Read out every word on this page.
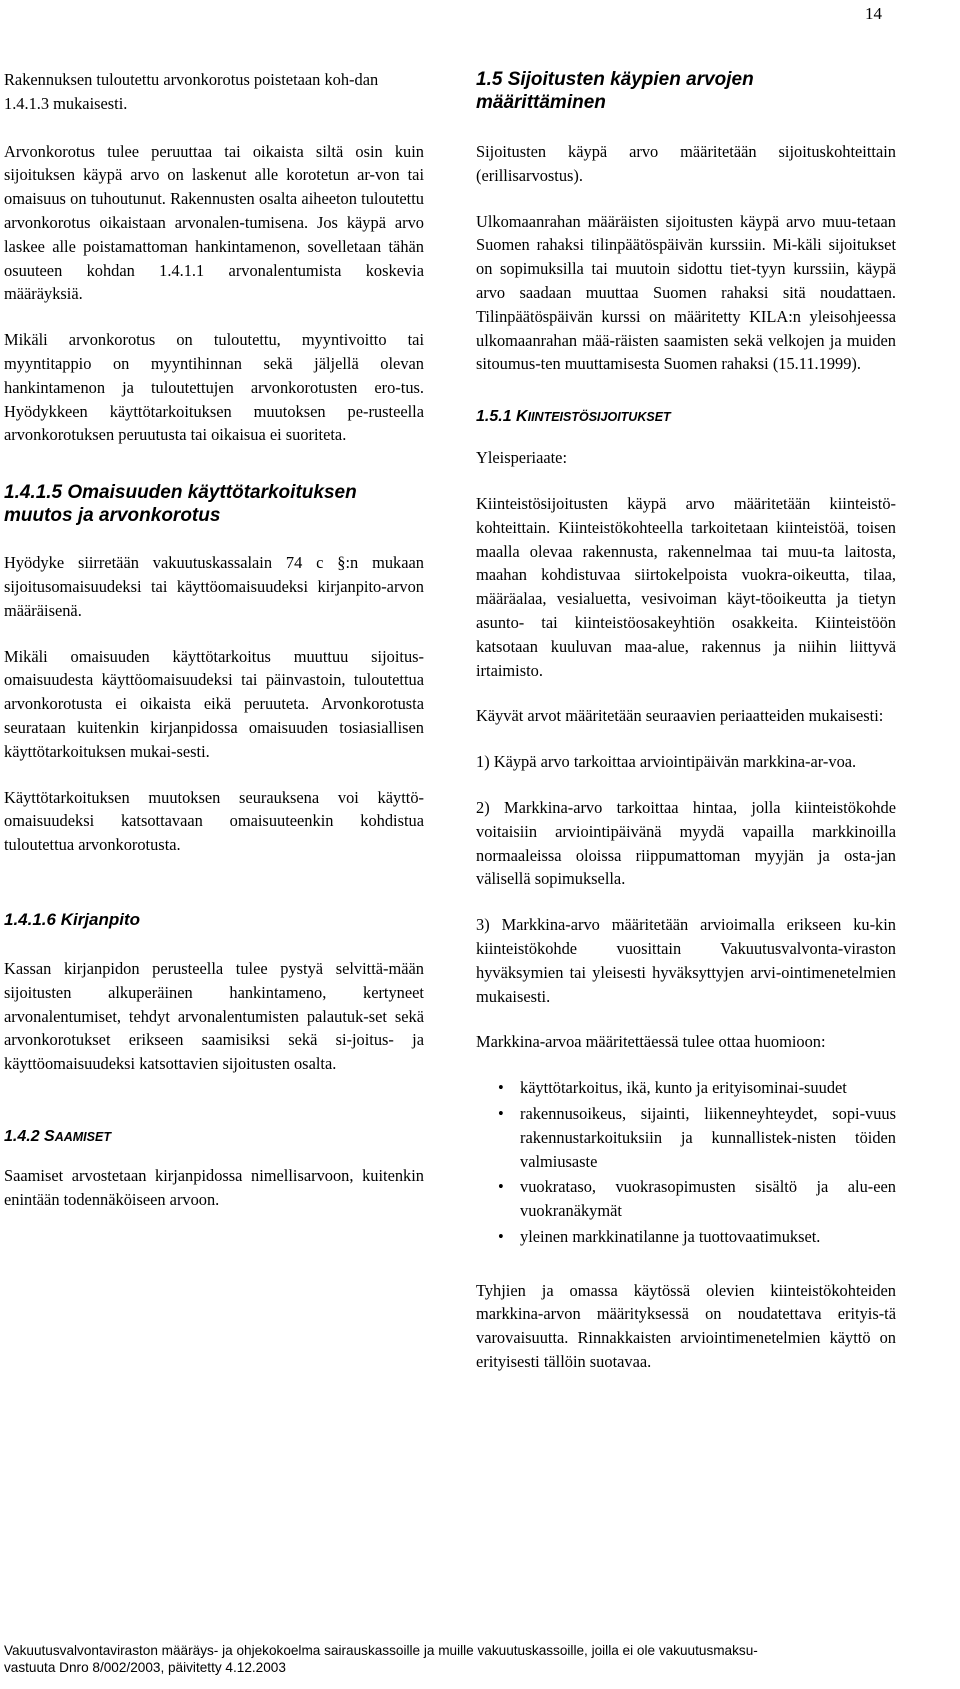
14

Rakennuksen tuloutettu arvonkorotus poistetaan koh-dan 1.4.1.3 mukaisesti.

Arvonkorotus tulee peruuttaa tai oikaista siltä osin kuin sijoituksen käypä arvo on laskenut alle korotetun ar-von tai omaisuus on tuhoutunut. Rakennusten osalta aiheeton tuloutettu arvonkorotus oikaistaan arvonalen-tumisena. Jos käypä arvo laskee alle poistamattoman hankintamenon, sovelletaan tähän osuuteen kohdan 1.4.1.1 arvonalentumista koskevia määräyksiä.

Mikäli arvonkorotus on tuloutettu, myyntivoitto tai myyntitappio on myyntihinnan sekä jäljellä olevan hankintamenon ja tuloutettujen arvonkorotusten ero-tus. Hyödykkeen käyttötarkoituksen muutoksen pe-rusteella arvonkorotuksen peruutusta tai oikaisua ei suoriteta.

1.4.1.5 Omaisuuden käyttötarkoituksen
muutos ja arvonkorotus

Hyödyke siirretään vakuutuskassalain 74 c §:n mukaan sijoitusomaisuudeksi tai käyttöomaisuudeksi kirjanpito-arvon määräisenä.

Mikäli omaisuuden käyttötarkoitus muuttuu sijoitus-omaisuudesta käyttöomaisuudeksi tai päinvastoin, tuloutettua arvonkorotusta ei oikaista eikä peruuteta. Arvonkorotusta seurataan kuitenkin kirjanpidossa omaisuuden tosiasiallisen käyttötarkoituksen mukai-sesti.

Käyttötarkoituksen muutoksen seurauksena voi käyttö-omaisuudeksi katsottavaan omaisuuteenkin kohdistua tuloutettua arvonkorotusta.

1.4.1.6 Kirjanpito

Kassan kirjanpidon perusteella tulee pystyä selvittä-mään sijoitusten alkuperäinen hankintameno, kertyneet arvonalentumiset, tehdyt arvonalentumisten palautuk-set sekä arvonkorotukset erikseen saamisiksi sekä si-joitus- ja käyttöomaisuudeksi katsottavien sijoitusten osalta.

1.4.2 SAAMISET

Saamiset arvostetaan kirjanpidossa nimellisarvoon, kuitenkin enintään todennäköiseen arvoon.

1.5 Sijoitusten käypien arvojen
määrittäminen

Sijoitusten käypä arvo määritetään sijoituskohteittain (erillisarvostus).

Ulkomaanrahan määräisten sijoitusten käypä arvo muu-tetaan Suomen rahaksi tilinpäätöspäivän kurssiin. Mi-käli sijoitukset on sopimuksilla tai muutoin sidottu tiet-tyyn kurssiin, käypä arvo saadaan muuttaa Suomen rahaksi sitä noudattaen. Tilinpäätöspäivän kurssi on määritetty KILA:n yleisohjeessa ulkomaanrahan mää-räisten saamisten sekä velkojen ja muiden sitoumus-ten muuttamisesta Suomen rahaksi (15.11.1999).

1.5.1 KIINTEISTÖSIJOITUKSET

Yleisperiaate:

Kiinteistösijoitusten käypä arvo määritetään kiinteistö-kohteittain. Kiinteistökohteella tarkoitetaan kiinteistöä, toisen maalla olevaa rakennusta, rakennelmaa tai muu-ta laitosta, maahan kohdistuvaa siirtokelpoista vuokra-oikeutta, tilaa, määräalaa, vesialuetta, vesivoiman käyt-töoikeutta ja tietyn asunto- tai kiinteistöosakeyhtiön osakkeita. Kiinteistöön katsotaan kuuluvan maa-alue, rakennus ja niihin liittyvä irtaimisto.

Käyvät arvot määritetään seuraavien periaatteiden mukaisesti:

1) Käypä arvo tarkoittaa arviointipäivän markkina-ar-voa.

2) Markkina-arvo tarkoittaa hintaa, jolla kiinteistökohde voitaisiin arviointipäivänä myydä vapailla markkinoilla normaaleissa oloissa riippumattoman myyjän ja osta-jan välisellä sopimuksella.

3) Markkina-arvo määritetään arvioimalla erikseen ku-kin kiinteistökohde vuosittain Vakuutusvalvonta-viraston hyväksymien tai yleisesti hyväksyttyjen arvi-ointimenetelmien mukaisesti.

Markkina-arvoa määritettäessä tulee ottaa huomioon:

• käyttötarkoitus, ikä, kunto ja erityisominai-suudet
• rakennusoikeus, sijainti, liikenneyhteydet, sopi-vuus rakennustarkoituksiin ja kunnallistek-nisten töiden valmiusaste
• vuokrataso, vuokrasopimusten sisältö ja alu-een vuokranäkymät
• yleinen markkinatilanne ja tuottovaatimukset.

Tyhjien ja omassa käytössä olevien kiinteistökohteiden markkina-arvon määrityksessä on noudatettava erityis-tä varovaisuutta. Rinnakkaisten arviointimenetelmien käyttö on erityisesti tällöin suotavaa.

Vakuutusvalvontaviraston määräys- ja ohjekokoelma sairauskassoille ja muille vakuutuskassoille, joilla ei ole vakuutusmaksu-
vastuuta Dnro 8/002/2003, päivitetty 4.12.2003
